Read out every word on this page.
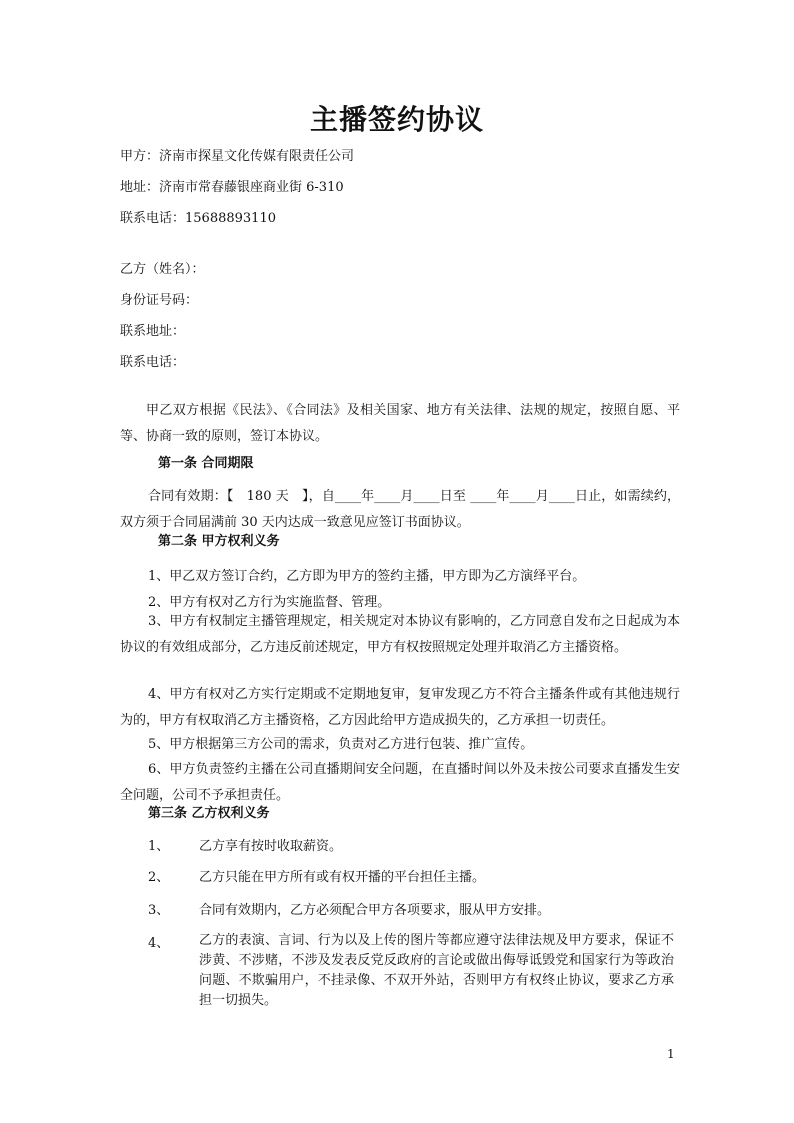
主播签约协议
甲方：济南市探星文化传媒有限责任公司
地址：济南市常春藤银座商业街 6-310
联系电话：15688893110
乙方（姓名）：
身份证号码：
联系地址：
联系电话：
甲乙双方根据《民法》、《合同法》及相关国家、地方有关法律、法规的规定，按照自愿、平等、协商一致的原则，签订本协议。
第一条 合同期限
合同有效期：【　180 天　】，自____年____月____日至 ____年____月____日止，如需续约，双方须于合同届满前 30 天内达成一致意见应签订书面协议。
第二条 甲方权利义务
1、甲乙双方签订合约，乙方即为甲方的签约主播，甲方即为乙方演绎平台。
2、甲方有权对乙方行为实施监督、管理。
3、甲方有权制定主播管理规定，相关规定对本协议有影响的，乙方同意自发布之日起成为本协议的有效组成部分，乙方违反前述规定，甲方有权按照规定处理并取消乙方主播资格。
4、甲方有权对乙方实行定期或不定期地复审，复审发现乙方不符合主播条件或有其他违规行为的，甲方有权取消乙方主播资格，乙方因此给甲方造成损失的，乙方承担一切责任。
5、甲方根据第三方公司的需求，负责对乙方进行包装、推广宣传。
6、甲方负责签约主播在公司直播期间安全问题，在直播时间以外及未按公司要求直播发生安全问题，公司不予承担责任。
第三条 乙方权利义务
1、 乙方享有按时收取薪资。
2、 乙方只能在甲方所有或有权开播的平台担任主播。
3、 合同有效期内，乙方必须配合甲方各项要求，服从甲方安排。
4、 乙方的表演、言词、行为以及上传的图片等都应遵守法律法规及甲方要求，保证不涉黄、不涉赌，不涉及发表反党反政府的言论或做出侮辱诋毁党和国家行为等政治问题、不欺骗用户，不挂录像、不双开外站，否则甲方有权终止协议，要求乙方承担一切损失。
1
